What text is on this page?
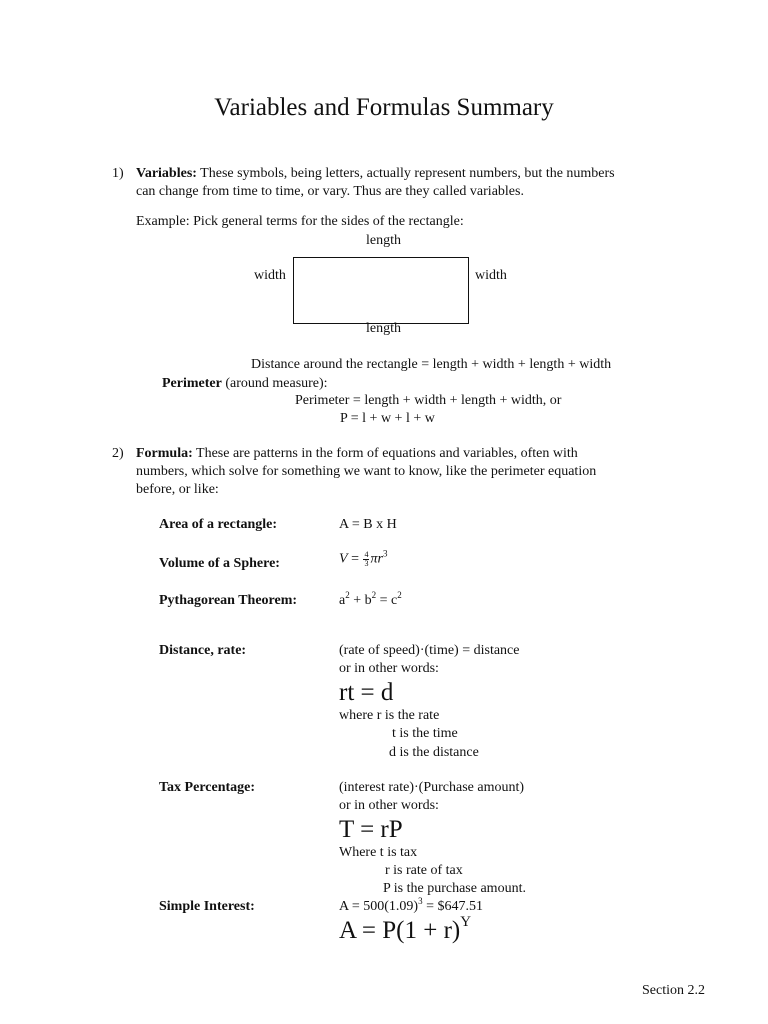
Variables and Formulas Summary
1) Variables: These symbols, being letters, actually represent numbers, but the numbers
can change from time to time, or vary. Thus are they called variables.
Example: Pick general terms for the sides of the rectangle:
length
width	width
length
Distance around the rectangle = length + width + length + width
Perimeter (around measure):
Perimeter = length + width + length + width, or
P = l + w + l + w
2) Formula: These are patterns in the form of equations and variables, often with
numbers, which solve for something we want to know, like the perimeter equation
before, or like:
Area of a rectangle:	A = B x H
Volume of a Sphere:	$V = \frac{4}{3} \pi r^3$
Pythagorean Theorem:	$a^2 + b^2 = c^2$
Distance, rate:	(rate of speed)·(time) = distance
or in other words:
rt = d
where r is the rate
t is the time
d is the distance
Tax Percentage:	(interest rate)·(Purchase amount)
or in other words:
T = rP
Where t is tax
r is rate of tax
P is the purchase amount.
Simple Interest:	$A = 500(1.09)^3$ = $647.51
$A = P(1 + r)^Y$
Section 2.2
